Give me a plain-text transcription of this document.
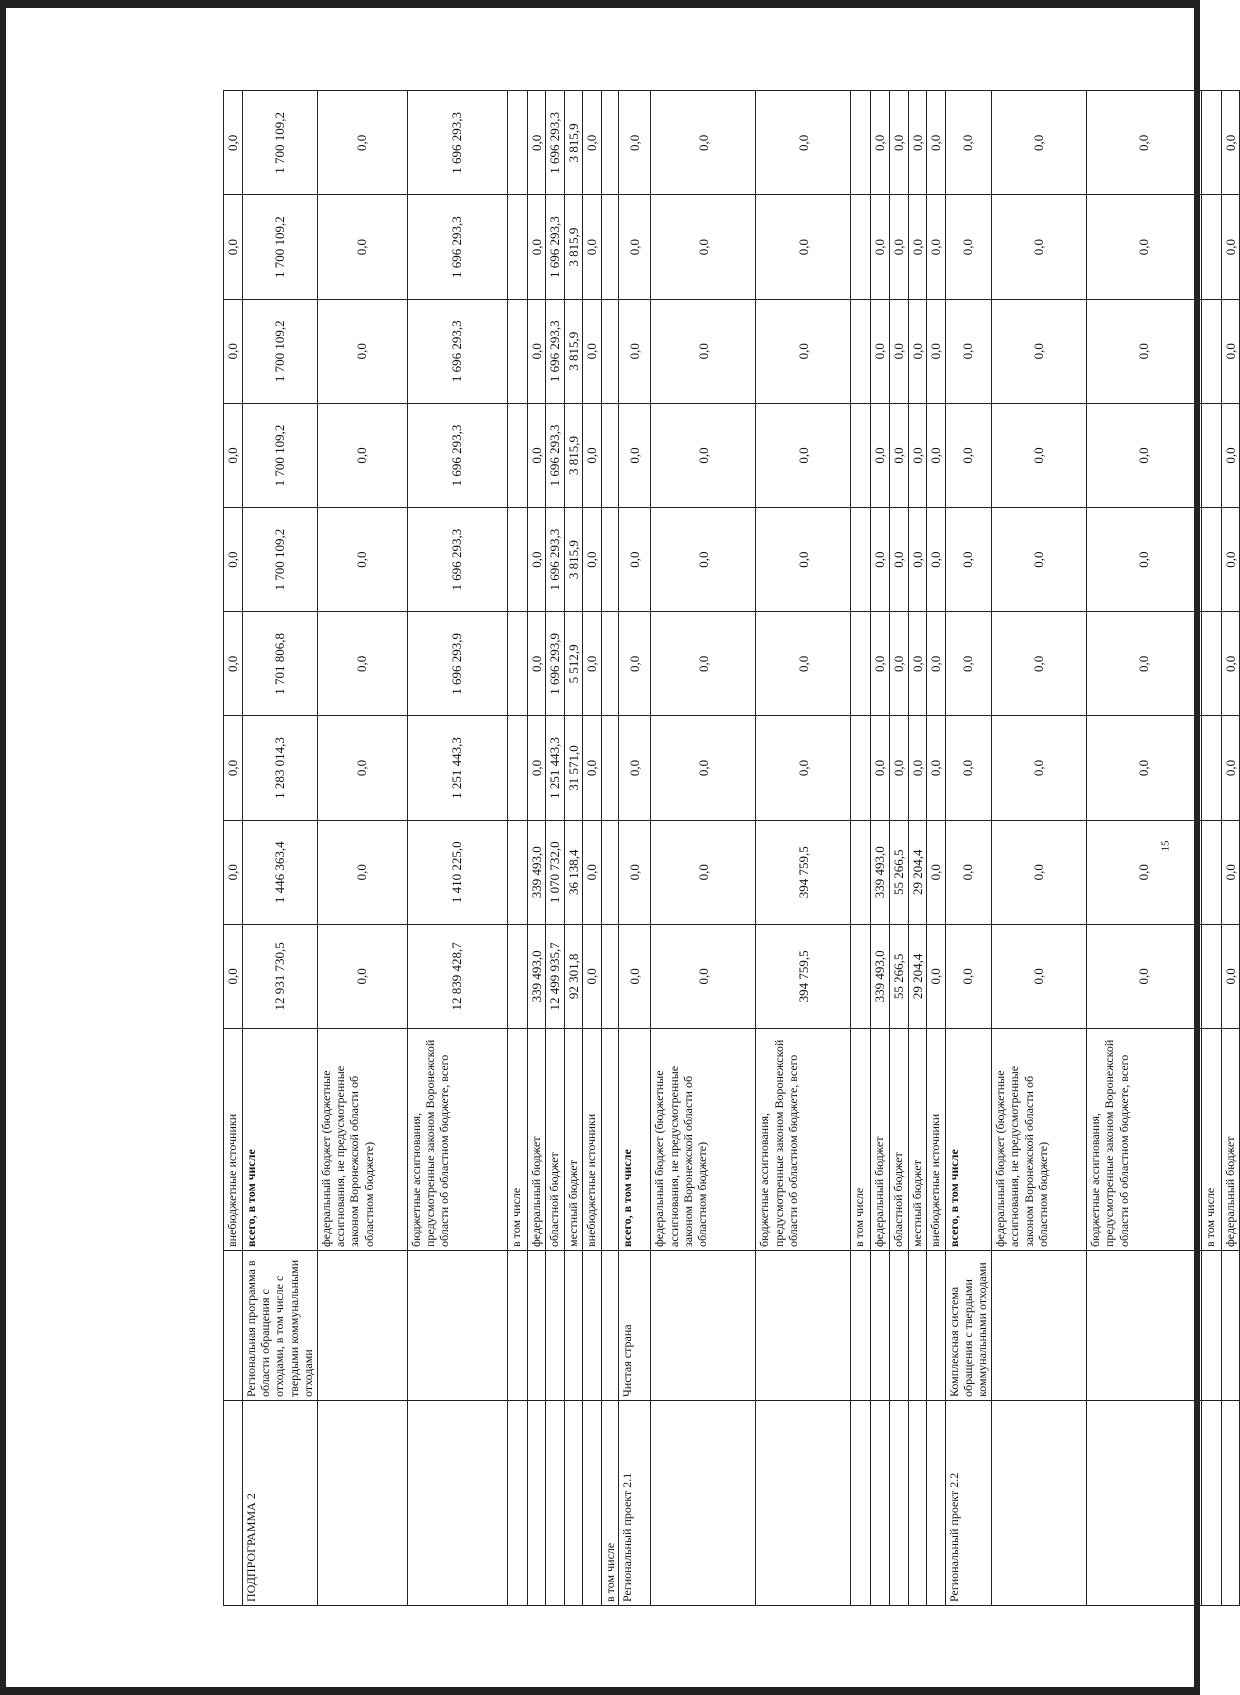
15
		внебюджетные источники	0,0	0,0	0,0	0,0	0,0	0,0	0,0	0,0	0,0
ПОДПРОГРАММА 2	Региональная программа в области обращения с отходами, в том числе с твердыми коммунальными отходами	всего, в том числе	12 931 730,5	1 446 363,4	1 283 014,3	1 701 806,8	1 700 109,2	1 700 109,2	1 700 109,2	1 700 109,2	1 700 109,2
		федеральный бюджет (бюджетные ассигнования, не предусмотренные законом Воронежской области об областном бюджете)	0,0	0,0	0,0	0,0	0,0	0,0	0,0	0,0	0,0
		бюджетные ассигнования, предусмотренные законом Воронежской области об областном бюджете, всего	12 839 428,7	1 410 225,0	1 251 443,3	1 696 293,9	1 696 293,3	1 696 293,3	1 696 293,3	1 696 293,3	1 696 293,3
		в том числе									
		федеральный бюджет	339 493,0	339 493,0	0,0	0,0	0,0	0,0	0,0	0,0	0,0
		областной бюджет	12 499 935,7	1 070 732,0	1 251 443,3	1 696 293,9	1 696 293,3	1 696 293,3	1 696 293,3	1 696 293,3	1 696 293,3
		местный бюджет	92 301,8	36 138,4	31 571,0	5 512,9	3 815,9	3 815,9	3 815,9	3 815,9	3 815,9
		внебюджетные источники	0,0	0,0	0,0	0,0	0,0	0,0	0,0	0,0	0,0
в том числе											
Региональный проект 2.1	Чистая страна	всего, в том числе	0,0	0,0	0,0	0,0	0,0	0,0	0,0	0,0	0,0
		федеральный бюджет (бюджетные ассигнования, не предусмотренные законом Воронежской области об областном бюджете)	0,0	0,0	0,0	0,0	0,0	0,0	0,0	0,0	0,0
		бюджетные ассигнования, предусмотренные законом Воронежской области об областном бюджете, всего	394 759,5	394 759,5	0,0	0,0	0,0	0,0	0,0	0,0	0,0
		в том числе									
		федеральный бюджет	339 493,0	339 493,0	0,0	0,0	0,0	0,0	0,0	0,0	0,0
		областной бюджет	55 266,5	55 266,5	0,0	0,0	0,0	0,0	0,0	0,0	0,0
		местный бюджет	29 204,4	29 204,4	0,0	0,0	0,0	0,0	0,0	0,0	0,0
		внебюджетные источники	0,0	0,0	0,0	0,0	0,0	0,0	0,0	0,0	0,0
Региональный проект 2.2	Комплексная система обращения с твердыми коммунальными отходами	всего, в том числе	0,0	0,0	0,0	0,0	0,0	0,0	0,0	0,0	0,0
		федеральный бюджет (бюджетные ассигнования, не предусмотренные законом Воронежской области об областном бюджете)	0,0	0,0	0,0	0,0	0,0	0,0	0,0	0,0	0,0
		бюджетные ассигнования, предусмотренные законом Воронежской области об областном бюджете, всего	0,0	0,0	0,0	0,0	0,0	0,0	0,0	0,0	0,0
		в том числе									
		федеральный бюджет	0,0	0,0	0,0	0,0	0,0	0,0	0,0	0,0	0,0
